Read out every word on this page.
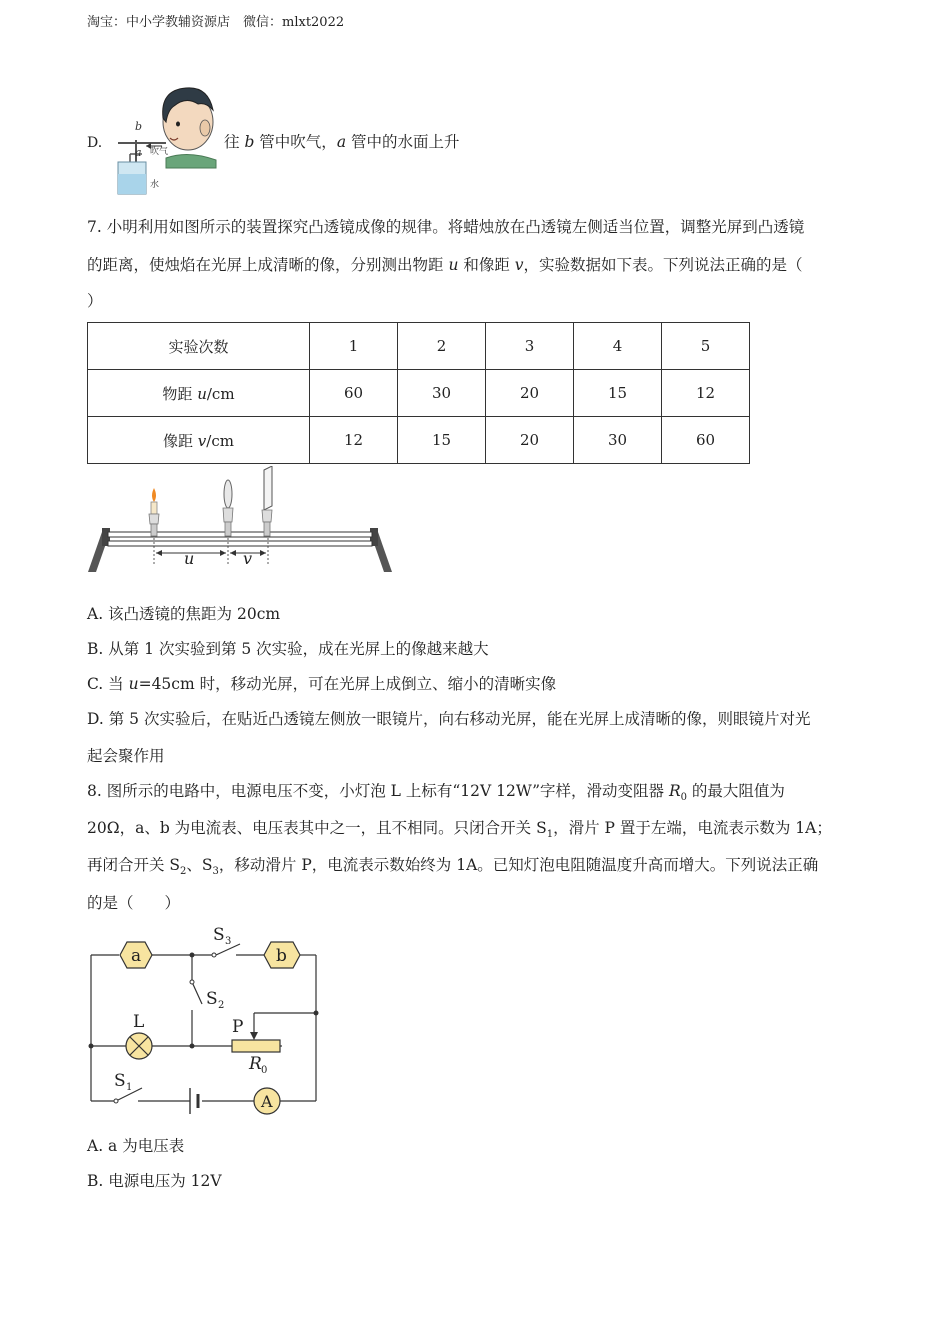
淘宝：中小学教辅资源店　微信：mlxt2022
D.
b
a 吹气
水
往 b 管中吹气，a 管中的水面上升
7. 小明利用如图所示的装置探究凸透镜成像的规律。将蜡烛放在凸透镜左侧适当位置，调整光屏到凸透镜
的距离，使烛焰在光屏上成清晰的像，分别测出物距 u 和像距 v，实验数据如下表。下列说法正确的是（
）
实验次数	1	2	3	4	5
物距 u/cm	60	30	20	15	12
像距 v/cm	12	15	20	30	60
u	v
A. 该凸透镜的焦距为 20cm
B. 从第 1 次实验到第 5 次实验，成在光屏上的像越来越大
C. 当 u=45cm 时，移动光屏，可在光屏上成倒立、缩小的清晰实像
D. 第 5 次实验后，在贴近凸透镜左侧放一眼镜片，向右移动光屏，能在光屏上成清晰的像，则眼镜片对光
起会聚作用
8. 图所示的电路中，电源电压不变，小灯泡 L 上标有“12V 12W”字样，滑动变阻器 $R_0$ 的最大阻值为
20Ω，a、b 为电流表、电压表其中之一，且不相同。只闭合开关 $S_1$，滑片 P 置于左端，电流表示数为 1A；
再闭合开关 $S_2$、$S_3$，移动滑片 P，电流表示数始终为 1A。已知灯泡电阻随温度升高而增大。下列说法正确
的是（　　）
a	b
S 3
S 2
S 1
L	P
R 0
A
A. a 为电压表
B. 电源电压为 12V
